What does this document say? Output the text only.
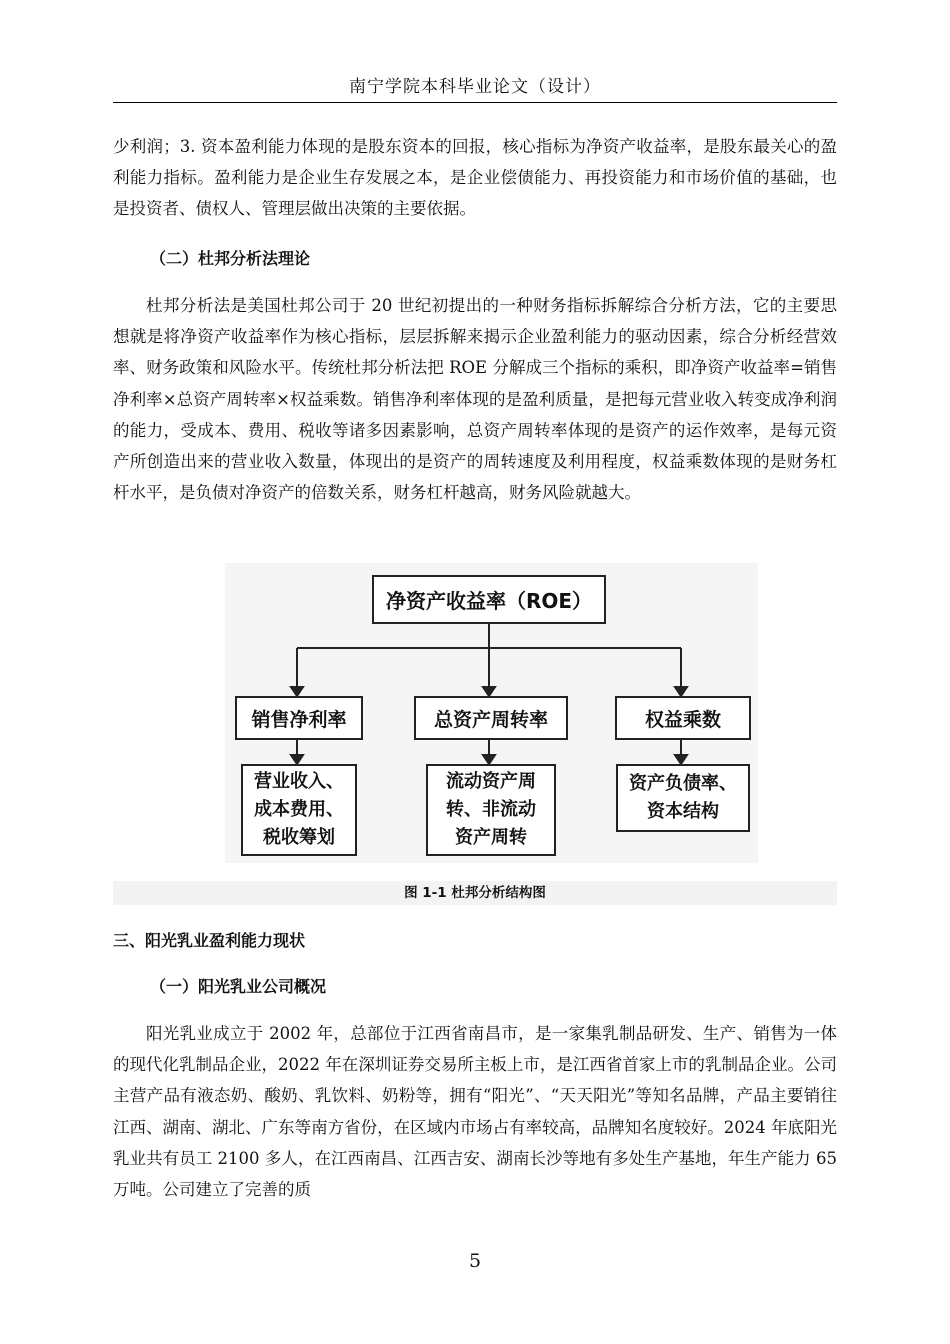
南宁学院本科毕业论文（设计）

少利润；3. 资本盈利能力体现的是股东资本的回报，核心指标为净资产收益率，是股东最关心的盈利能力指标。盈利能力是企业生存发展之本，是企业偿债能力、再投资能力和市场价值的基础，也是投资者、债权人、管理层做出决策的主要依据。

（二）杜邦分析法理论

杜邦分析法是美国杜邦公司于 20 世纪初提出的一种财务指标拆解综合分析方法，它的主要思想就是将净资产收益率作为核心指标，层层拆解来揭示企业盈利能力的驱动因素，综合分析经营效率、财务政策和风险水平。传统杜邦分析法把 ROE 分解成三个指标的乘积，即净资产收益率=销售净利率×总资产周转率×权益乘数。销售净利率体现的是盈利质量，是把每元营业收入转变成净利润的能力，受成本、费用、税收等诸多因素影响，总资产周转率体现的是资产的运作效率，是每元资产所创造出来的营业收入数量，体现出的是资产的周转速度及利用程度，权益乘数体现的是财务杠杆水平，是负债对净资产的倍数关系，财务杠杆越高，财务风险就越大。

净资产收益率（ROE）
销售净利率	总资产周转率	权益乘数
营业收入、
成本费用、
税收筹划
流动资产周
转、非流动
资产周转
资产负债率、
资本结构
图 1-1 杜邦分析结构图

三、阳光乳业盈利能力现状

（一）阳光乳业公司概况

阳光乳业成立于 2002 年，总部位于江西省南昌市，是一家集乳制品研发、生产、销售为一体的现代化乳制品企业，2022 年在深圳证券交易所主板上市，是江西省首家上市的乳制品企业。公司主营产品有液态奶、酸奶、乳饮料、奶粉等，拥有“阳光”、“天天阳光”等知名品牌，产品主要销往江西、湖南、湖北、广东等南方省份，在区域内市场占有率较高，品牌知名度较好。2024 年底阳光乳业共有员工 2100 多人，在江西南昌、江西吉安、湖南长沙等地有多处生产基地，年生产能力 65 万吨。公司建立了完善的质

5
